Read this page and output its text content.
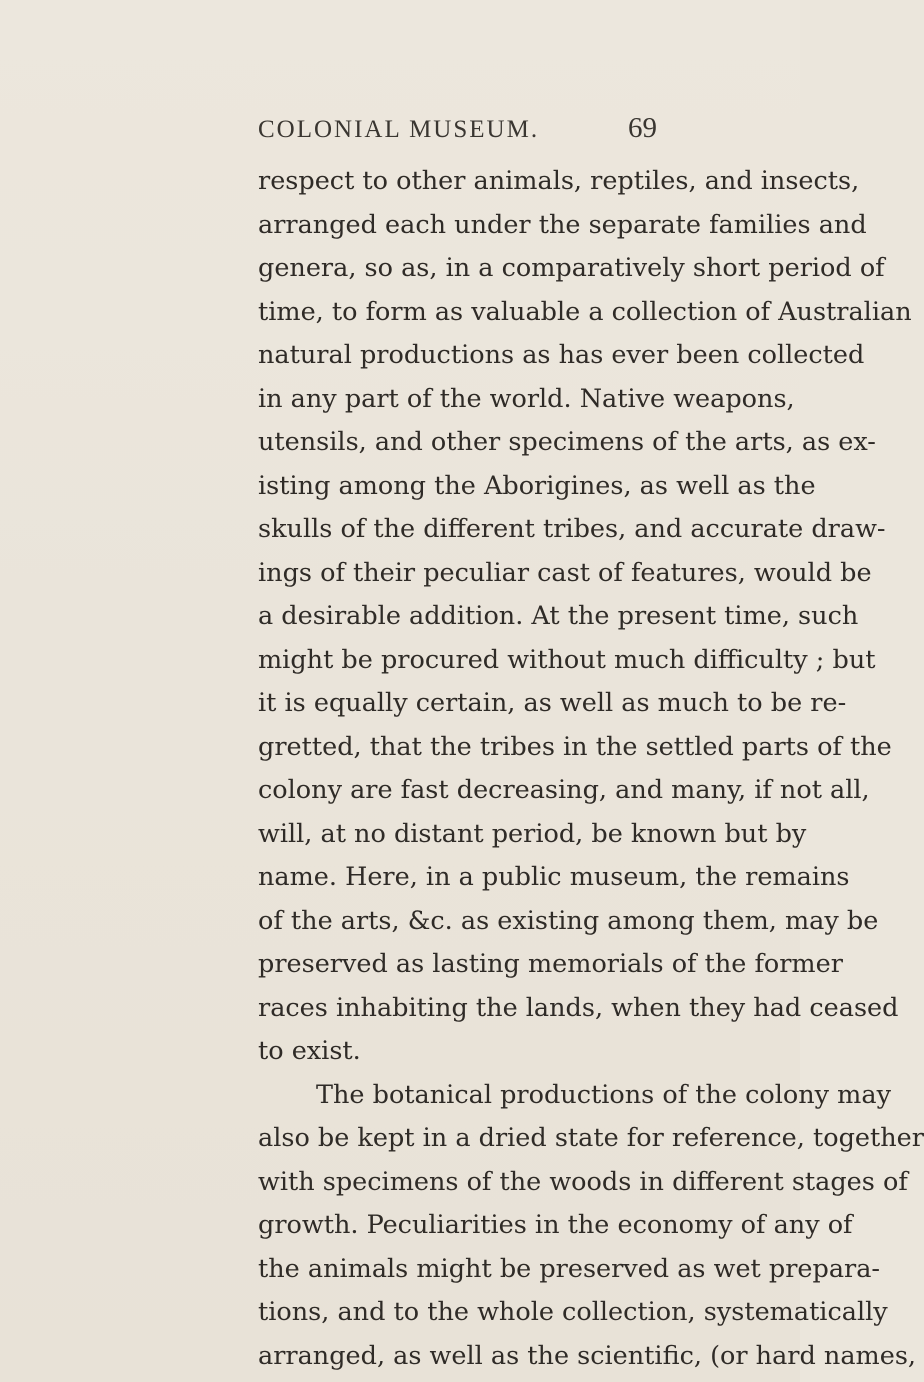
COLONIAL MUSEUM.	69
respect to other animals, reptiles, and insects,
arranged each under the separate families and
genera, so as, in a comparatively short period of
time, to form as valuable a collection of Australian
natural productions as has ever been collected
in any part of the world. Native weapons,
utensils, and other specimens of the arts, as ex-
isting among the Aborigines, as well as the
skulls of the different tribes, and accurate draw-
ings of their peculiar cast of features, would be
a desirable addition. At the present time, such
might be procured without much difficulty ; but
it is equally certain, as well as much to be re-
gretted, that the tribes in the settled parts of the
colony are fast decreasing, and many, if not all,
will, at no distant period, be known but by
name. Here, in a public museum, the remains
of the arts, &c. as existing among them, may be
preserved as lasting memorials of the former
races inhabiting the lands, when they had ceased
to exist.
The botanical productions of the colony may
also be kept in a dried state for reference, together
with specimens of the woods in different stages of
growth. Peculiarities in the economy of any of
the animals might be preserved as wet prepara-
tions, and to the whole collection, systematically
arranged, as well as the scientific, (or hard names,
